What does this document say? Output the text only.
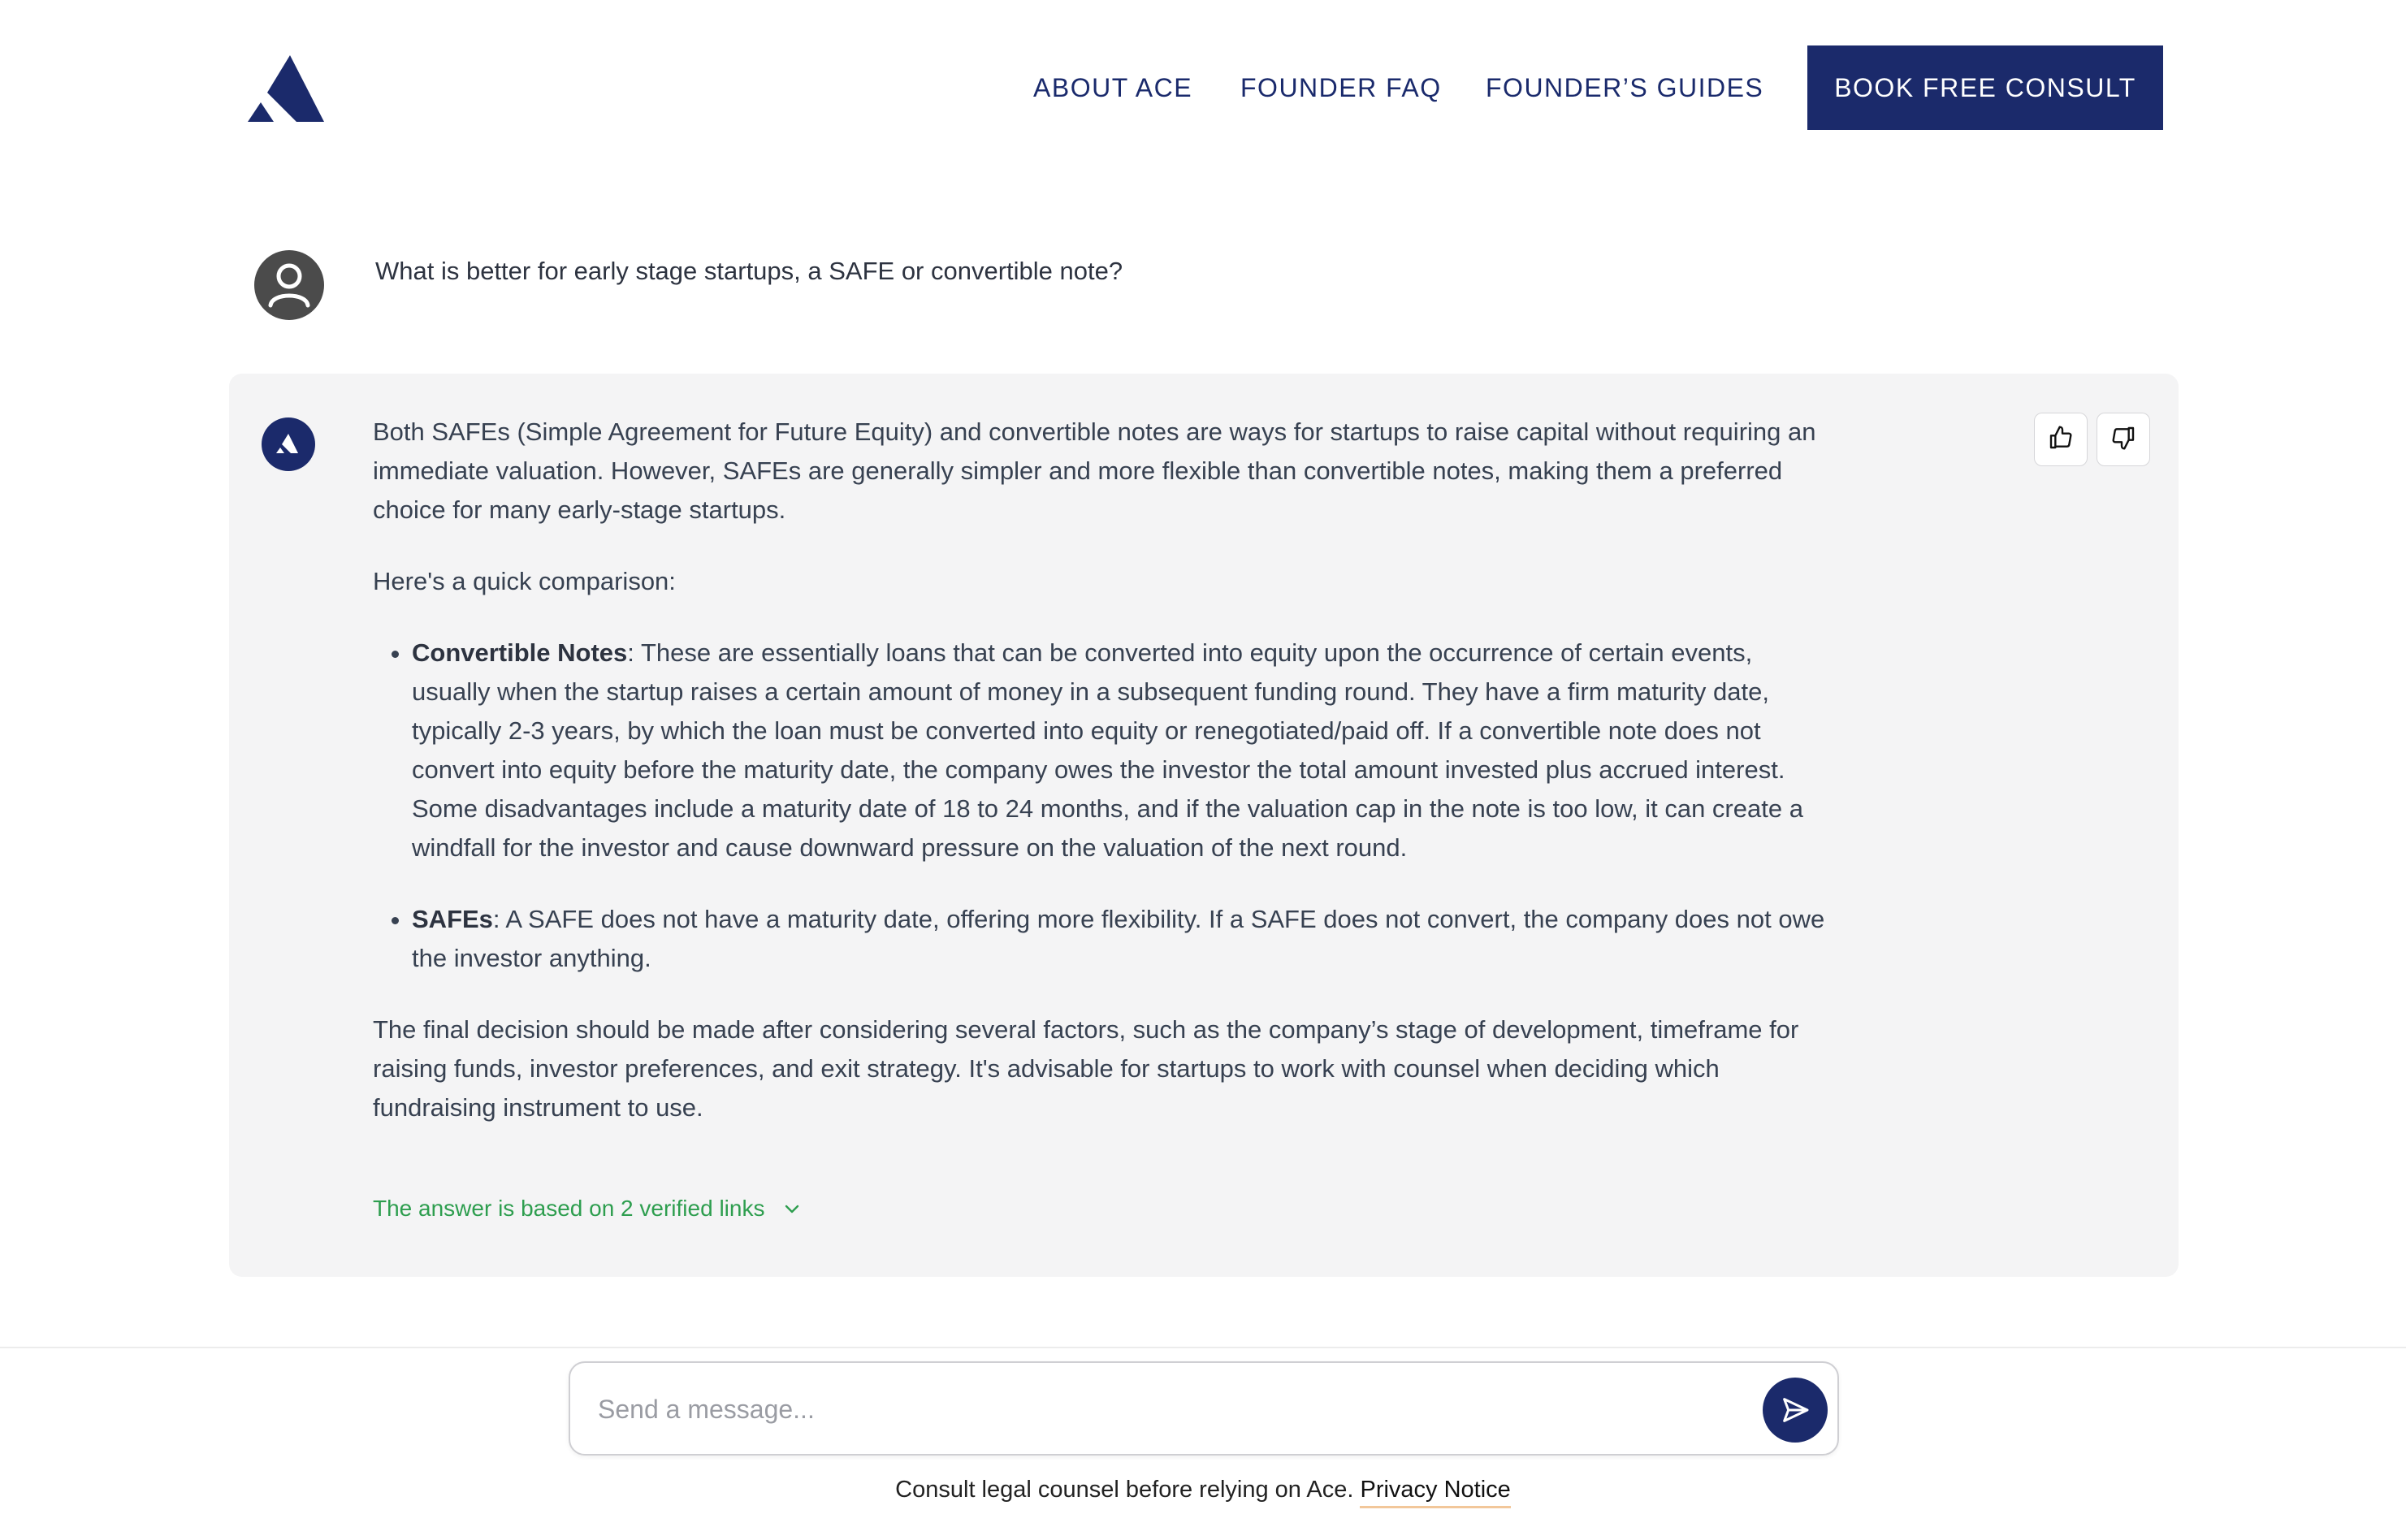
ABOUT ACE FOUNDER FAQ FOUNDER’S GUIDES	BOOK FREE CONSULT
What is better for early stage startups, a SAFE or convertible note?

Both SAFEs (Simple Agreement for Future Equity) and convertible notes are ways for startups to raise capital without requiring an immediate valuation. However, SAFEs are generally simpler and more flexible than convertible notes, making them a preferred choice for many early-stage startups.

Here's a quick comparison:

• Convertible Notes: These are essentially loans that can be converted into equity upon the occurrence of certain events, usually when the startup raises a certain amount of money in a subsequent funding round. They have a firm maturity date, typically 2-3 years, by which the loan must be converted into equity or renegotiated/paid off. If a convertible note does not convert into equity before the maturity date, the company owes the investor the total amount invested plus accrued interest. Some disadvantages include a maturity date of 18 to 24 months, and if the valuation cap in the note is too low, it can create a windfall for the investor and cause downward pressure on the valuation of the next round.
• SAFEs: A SAFE does not have a maturity date, offering more flexibility. If a SAFE does not convert, the company does not owe the investor anything.

The final decision should be made after considering several factors, such as the company’s stage of development, timeframe for raising funds, investor preferences, and exit strategy. It's advisable for startups to work with counsel when deciding which fundraising instrument to use.

The answer is based on 2 verified links
Send a message...
Consult legal counsel before relying on Ace. Privacy Notice
